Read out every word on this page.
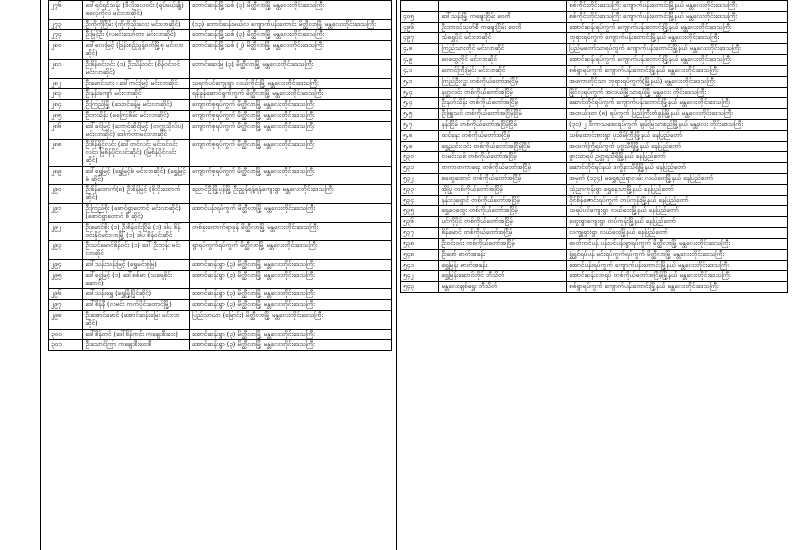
၂၇၆	ဒေါ်ရင်ရင်သန်း (ဒီလိုးလေဝင်း (ရုပ်မယ်ချို) ဓလေ့ကိုလဲ မင်းလာဆိုင်)	ဘောင်ဆန်းမြို့သစ် (၃) မိတ္ထီလာမြို့ မန္တလေးတိုင်းဒေသကြီး
၂၇၃	ဦးကိုကိုငြိမ်း (ကိုကိုသိုးလေး မင်းလာဆိုင်)	(၁၃) ဘောင်ဆန်းမယ်လ ကျောက်ပန်းတောင်း မိတ္ထီလာမြို့ မန္တလေးတိုင်းဒေသကြီး
၂၇၄	ဦးမြင့်ဦး (လမင်းသော်တာ မင်းလာဆိုင်)	ဘောင်ဆန်းမြို့သစ် (၃) မိတ္ထီလာမြို့ မန္တလေးတိုင်းဒေသကြီး
၂၈၀	ဒေါ်လေးမြင့် (ဒြန်းစဉ်ညွန့်ဝတ်မြို့စု မင်းလာဆိုင်)	ဘောင်ဆန်းမြို့သစ် (၂) မိတ္ထီလာမြို့ မန္တလေးတိုင်းဒေသကြီး
၂၈၁	ဦးစိန်ဝင်းဝင်း (၁) ဦးသိန်းဝင်း (စိန်ဝင်းဝင် မင်းလာဆိုင်)	ဘောင်ဆေးမြ (၃) မိတ္ထီလာမြို့ မန္တလေးတိုင်းဒေသကြီး
၂၈၂	ဦးမောင်သား ၊ ဒေါ်ကင်းမြင့် မင်းလာဆိုင်	သရက်ပင်ကျေးရွာ လယ်ကိုင်းမြို့ မန္တလေးတိုင်းဒေသကြီး
၂၈၃	ဦးနန်းကျော် မင်းလာဆိုင်	ရန်ခွန်ဆောင်ရွက်ကွက် မိတ္ထီလာမြို့ မန္တလေးတိုင်းဒေသကြီး
၂၈၄	ဦးကြည်မြို့ (သောင်ခန့်မှု မင်းလာဆိုင်)	ကျောက်စုရပ်ကွက် မိတ္ထီလာမြို့ မန္တလေးတိုင်းဒေသကြီး
၂၈၅	ဦးဘသိန်း (မကြေးစိမ်း မင်းလာဆိုင်)	ကျောက်စုရပ်ကွက် မိတ္ထီလာမြို့ မန္တလေးတိုင်းဒေသကြီး
၂၈၆	ဒေါ်ခင်မြင့် (ဘောင်ဆိုင်မြင့် (တက္ကသိုလ်ပ) မင်းလာဆိုင်) ဒေါက်တာမင်းလာဆိုင်	ကျောက်စုရပ်ကွက် မိတ္ထီလာမြို့ မန္တလေးတိုင်းဒေသကြီး
၂၈၈	ဦးစိန်ရှိုင်လင်း (ဒေါ်တင်လင်း မင်းဝင်ဝင်းလင်း၊ မြစိန်ပိုင်လင်းဆိုင်) (မြစိန်ပိုင်လင်းဆိုင်)	ကျောက်စုရပ်ကွက် မိတ္ထီလာမြို့ မန္တလေးတိုင်းဒေသကြီး
၂၈၉	ဒေါ်ရွှေမြင့် (ရွှေမြင့်စံ မင်းလာဆိုင်) (ရွှေမြင့်စံ ဆိုင်)	ကျောက်စုရပ်ကွက် မိတ္ထီလာမြို့ မန္တလေးတိုင်းဒေသကြီး
၂၉၀	ဦးစိန်ထောက်(၈) ဦးစိန်မြင့် (စိုးငိုးထောက်ဆိုင်)	ညောင်ဦးမြို့ပုန်မြို့ ဦးညွှန်ရနံ့ရနံကျေးရွာ မန္တလေးတိုင်းဒေသကြီး
၂၉၁	ဦးကြည်စိုး (ဖောင်ရွာတောင် မင်းလာဆိုင်) (ဖောင်ရွာတောင် စီ ဆိုင်)	အောင်ပန်းရပ်ကွက် မိတ္ထီလာမြို့ မန္တလေးတိုင်းဒေသကြီး
၂၉၂	ဦးမောင်စိုး (၁) ဦးစိန်ဝင်းငြိမ် (၁) ဒါပ စိန်ဝင်းနိုင်မင်းလာမြို့ (၁) ဒါပ စိန်ဝင်းဆိုင်	တစ်ခုးတောက်ရာခုန် မိတ္ထီလာမြို့ မန္တလေးတိုင်းဒေသကြီး
၂၉၃	ဦးသင်မောင်စိန်ဝင်း (၁) ဒေါ် ဦးဘုန်း မင်းလာဆိုင်	ရွာရပ်ကွက်ရပ်ကွက် မိတ္ထီလာမြို့ မန္တလေးတိုင်းဒေသကြီး
၂၉၄	ဒေါ်သန်းသန်းမြင့် (ရွှေမင်းစုမြ)	အောင်ဆန်းရွာ (၃) မိတ္ထီလာမြို့ မန္တလေးတိုင်းဒေသကြီး
၂၉၅	ဒေါ်ငွေမြင့် (၁) ဒေါ်စစ်မာ (သရေစိုင်းဆောင်)	အောင်ဆန်းရွာ (၃) မိတ္ထီလာမြို့ မန္တလေးတိုင်းဒေသကြီး
၂၉၆	ဒေါ်သန်းရွှေ (ရွှေမြို့ပြိုင်ဆိုင်)	အောင်ဆန်းရွာ (၃) မိတ္ထီလာမြို့ မန္တလေးတိုင်းဒေသကြီး
၂၉၇	ဒေါ်စိန်နီ (လမင်း ကက်ပိုင်းတောင်မြို့)	အောင်ဆန်းရွာ (၃) မိတ္ထီလာမြို့ မန္တလေးတိုင်းဒေသကြီး
၂၉၈	ဦးအောင်မောင် (အောင်ဆန်းမြေး မင်းလာဆိုင်)	ပြည်သာယာ (မြောင်း) မိတ္ထီလာမြို့ မန္တလေးတိုင်းဒေသကြီး
၃၀၀	ဒေါ်စိန်တင် (ဒေါ်စိန်ကင်း ကချေးစီးဝေး)	အောင်ဆန်းရွာ (၃) မိတ္ထီလာမြို့ မန္တလေးတိုင်းဒေသကြီး
၃၀၁	ဦးသောင်ကြာ ကချေးစီးဝေးစီ	အောင်ဆန်းရွာ (၃) မိတ္ထီလာမြို့ မန္တလေးတိုင်းဒေသကြီး
		စစ်ကိုင်းတိုင်းဒေသကြီး ကျောက်ပန်းတောင်းမြို့နယ် မန္တလေးတိုင်းဒေသကြီး
၄၀၅	ဒေါ်သန်းမြို့ ကချေးငြိမ်း ဝေတိ	စစ်ကိုင်းတိုင်းဒေသကြီး ကျောက်ပန်းတောင်းမြို့နယ် မန္တလေးတိုင်းဒေသကြီး
၄၉၆	ဦးဘာဝင်သုတ်စီ ကချေးငြိမ်း ဝေတိ	အောင်ဆန်းရပ်ကွက် ကျောက်ပန်းတောင်းမြို့နယ် မန္တလေးတိုင်းဒေသကြီး
၄၉၇	သံရွှေပိုင် မင်းလာဆိုင်	ဘုရားရပ်ကွက် ကျောက်ပန်းတောင်းမြို့နယ် မန္တလေးတိုင်းဒေသကြီး
၄,၈	ကြည်သားတိုင် မင်းလာဆိုင်	ပြည်မတော်သာရပ်ကွက် ကျောက်ပန်းတောင်းမြို့နယ် မန္တလေးတိုင်းဒေသကြီး
၄,၉	ဝေထွေတိုင် မင်းလာဆိုင်	အောင်ဆန်းရပ်ကွက် ကျောက်ပန်းတောင်းမြို့နယ် မန္တလေးတိုင်းဒေသကြီး
၄,၁	တောင်ကြီးမြင်း မင်းလာဆိုင်	စစ်ရွာရပ်ကွက် ကျောက်ပန်းတောင်းမြို့နယ် မန္တလေးတိုင်းဒေသကြီး
၅,၁	ကြည်ဦးလှူး တစ်ကိုယ်တော်အငြိမ့်	အဖကာတိုင်သာ ဘုရားရပ်ကွက်(မြို့နယ်) မန္တလေးတိုင်းဒေသကြီး
၅,၄	နတ္တလင်း တစ်ကိုယ်တော်အငြိမ့်	မြိုင်လှရပ်ကွက် အလယ်မြို့သာရပ်မြို့ မန္တလေး တိုင်းဒေသကြီး
၅,၄	ဦးနတ်သိန်း တစ်ကိုယ်တော်အငြိမ့်	ဆောင်တိုင်ရပ်ကွက် ကျောက်ပန်းတောင်းမြို့နယ် မန္တလေးတိုင်းဒေသကြီး
၅,၅	ဦးဖြူသင် တစ်ကိုယ်တော်အငြိမ့်ငြိမ်	အထယ်ဒုတ (၈) ရပ်ကွက် ပြည်ကြီးတံခွန်မြို့နယ် မန္တလေးတိုင်းဒေသကြီး
၅,၇	နန်းငြိမ် တစ်ကိုယ်တော်အငြိမ့်ငြိမ်	(၃၀) ၂ ဒီကာသအေးရပ်ကွက် ချမ်းမြသာစည်မြို့နယ် မန္တလေး တိုင်းဒေသကြီး
၅,၈	ထင်နေး တစ်ကိုယ်တော်အငြိမ့်	သစ်ထောင်းစားရွာ ပုသိမ်ကြီးမြို့နယ် နေပြည်တော်
၅,၈	ရွှေညင်းလင်း တစ်ကိုယ်တော်အငြိမ့်ငြိမ်	အထက်ကြိုရပ်ကွက် ပုဗ္ဗသီရိမြို့နယ် နေပြည်တော်
၅၃၀	လမင်းသစ် တစ်ကိုယ်တော်အငြိမ့်	ဖွားသာရပ် ဥတ္တရသီရိမြို့နယ် နေပြည်တော်
၅၃၁	တကာတကာရေး တစ်ကိုယ်တော်အငြိမ့်	ဆောင်တိုင်ရပ်နယ် ဒက္ခိနာသီရိမြို့နယ် နေပြည်တော်
၅၃၂	စထွေထောင် တစ်ကိုယ်တော်အငြိမ့်	အမှတ် (၁၃၄) မရွှေစည်ရာလမ်း လယ်ဝေးမြို့နယ် နေပြည်တော်
၅၃၃	အိုပြု တစ်ကိုယ်တော်အငြိမ့်	သုံညာကုန်းရွာ ရွှေနေသာမြို့နယ် နေပြည်တော်
၅၃၄	နန်းလှရှောင် တစ်ကိုယ်တော်အငြိမ့်	ဝိုင်စိန်ဇောင်းရပ်ကွက် တပ်ကုန်းမြို့နယ် နေပြည်တော်
၅၃၅	ရွှေဝေထွေး တစ်ကိုယ်တော်အငြိမ့်	သရပ်ပင်ကျေးရွာ လယ်ဝေးမြို့နယ် နေပြည်တော်
၅၃၆	ပင်ကိုပိုင် တစ်ကိုယ်တော်အငြိမ့်	ထွေးရွာကျေးရွာ တပ်ကုန်းမြို့နယ် နေပြည်တော်
၅၃၇	စိန်မောင် တစ်ကိုယ်တော်အငြိမ့်	လက္ခူရှားရွာ လယ်ဝေးမြို့နယ် နေပြည်တော်
၅၃၈	ဦးဝင်းဝင်း တစ်ကိုယ်တော်အငြိမ့်	ဓာတ်ကင်ပန် ပန်းပင်ပန်းရွာရပ်ကွက် မိတ္ထီလာမြို့ မန္တလေးတိုင်းဒေသကြီး
၅၄၈	ဦးဖော် ဓာတ်အခန်း	ရွှံရွှင်ရပ်ပန် မင်းရပ်ကွက်ရပ်ကွက် မိတ္ထီလာမြို့ မန္တလေးတိုင်းဒေသကြီး
၅၄၁	ရွှေမြန်း ဓာတ်အခန်း	အောင်ပန်းရပ်ကွက် ကျောက်ပန်းတောင်းမြို့နယ် မန္တလေးတိုင်းဒေသကြီး
၅၄၂	ရွှေမြန်းဆောင်တိုင် ဘီသိတ်	အောင်ဆန်းလာရပ် တစ်ကိုယ်တော်အငြိမ့်မြို့နယ် မန္တလေးတိုင်းဒေသကြီး
၅၄၃	မန္တလေးချစ်ရွှေး ဘီသိတ်	စစ်ရွာရပ်ကွက် ကျောက်ပန်းတောင်းမြို့နယ် မန္တလေးတိုင်းဒေသကြီး
